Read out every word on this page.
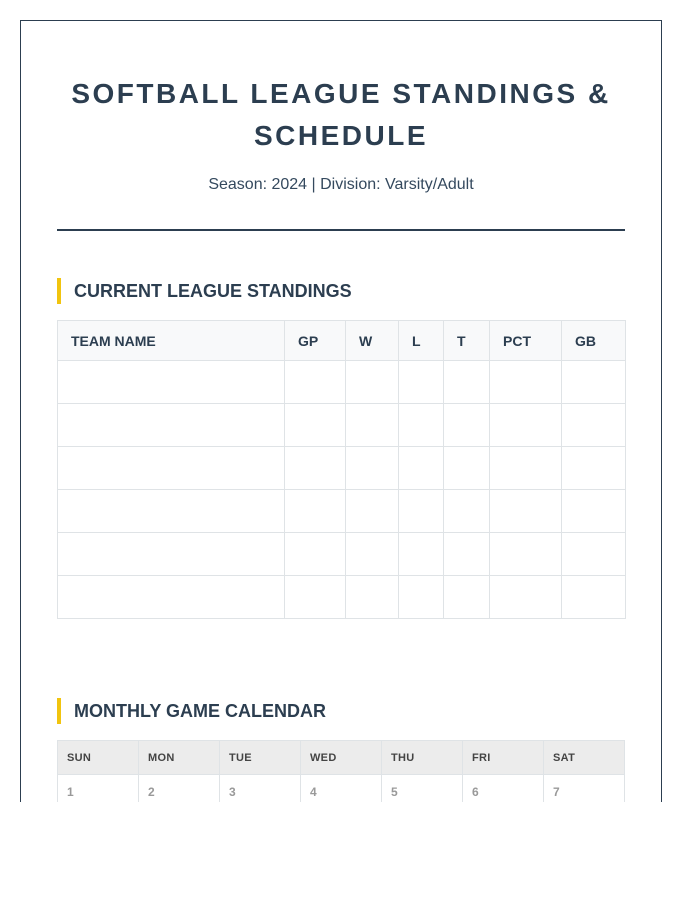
SOFTBALL LEAGUE STANDINGS & SCHEDULE
Season: 2024 | Division: Varsity/Adult
CURRENT LEAGUE STANDINGS
TEAM NAME	GP	W	L	T	PCT	GB

MONTHLY GAME CALENDAR
SUN	MON	TUE	WED	THU	FRI	SAT
1	2	3	4	5	6	7
